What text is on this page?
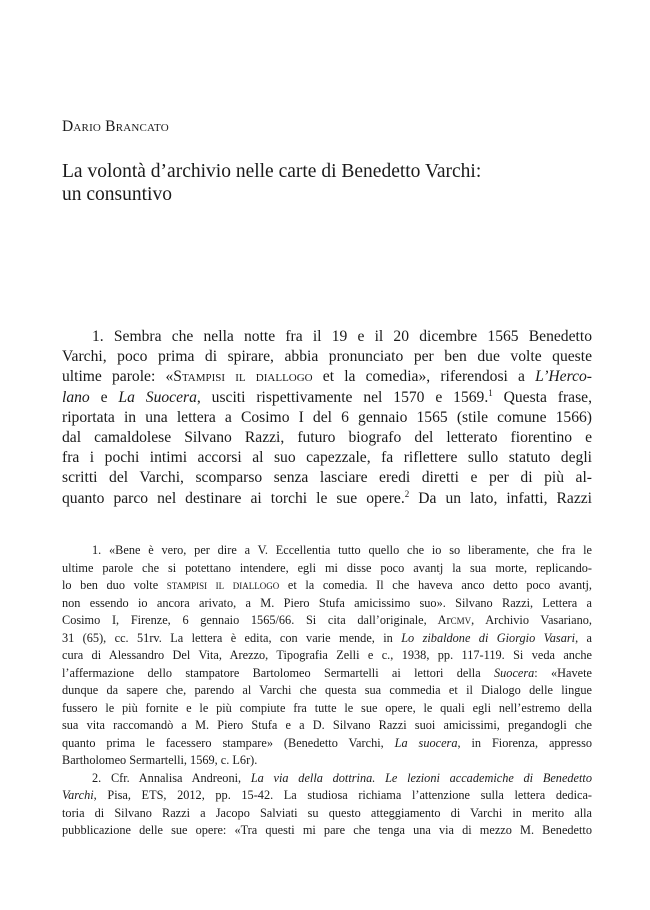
Dario Brancato
La volontà d’archivio nelle carte di Benedetto Varchi:
un consuntivo
1. Sembra che nella notte fra il 19 e il 20 dicembre 1565 Benedetto
Varchi, poco prima di spirare, abbia pronunciato per ben due volte queste
ultime parole: «Stampisi il diallogo et la comedia», riferendosi a L’Herco-
lano e La Suocera, usciti rispettivamente nel 1570 e 1569.$^1$ Questa frase,
riportata in una lettera a Cosimo I del 6 gennaio 1565 (stile comune 1566)
dal camaldolese Silvano Razzi, futuro biografo del letterato fiorentino e
fra i pochi intimi accorsi al suo capezzale, fa riflettere sullo statuto degli
scritti del Varchi, scomparso senza lasciare eredi diretti e per di più al-
quanto parco nel destinare ai torchi le sue opere.$^2$ Da un lato, infatti, Razzi
1. «Bene è vero, per dire a V. Eccellentia tutto quello che io so liberamente, che fra le
ultime parole che si potettano intendere, egli mi disse poco avantj la sua morte, replicando-
lo ben duo volte stampisi il diallogo et la comedia. Il che haveva anco detto poco avantj,
non essendo io ancora arivato, a M. Piero Stufa amicissimo suo». Silvano Razzi, Lettera a
Cosimo I, Firenze, 6 gennaio 1565/66. Si cita dall’originale, Arcmv, Archivio Vasariano,
31 (65), cc. 51rv. La lettera è edita, con varie mende, in Lo zibaldone di Giorgio Vasari, a
cura di Alessandro Del Vita, Arezzo, Tipografia Zelli e c., 1938, pp. 117-119. Si veda anche
l’affermazione dello stampatore Bartolomeo Sermartelli ai lettori della Suocera: «Havete
dunque da sapere che, parendo al Varchi che questa sua commedia et il Dialogo delle lingue
fussero le più fornite e le più compiute fra tutte le sue opere, le quali egli nell’estremo della
sua vita raccomandò a M. Piero Stufa e a D. Silvano Razzi suoi amicissimi, pregandogli che
quanto prima le facessero stampare» (Benedetto Varchi, La suocera, in Fiorenza, appresso
Bartholomeo Sermartelli, 1569, c. L6r).
2. Cfr. Annalisa Andreoni, La via della dottrina. Le lezioni accademiche di Benedetto
Varchi, Pisa, ETS, 2012, pp. 15-42. La studiosa richiama l’attenzione sulla lettera dedica-
toria di Silvano Razzi a Jacopo Salviati su questo atteggiamento di Varchi in merito alla
pubblicazione delle sue opere: «Tra questi mi pare che tenga una via di mezzo M. Benedetto
